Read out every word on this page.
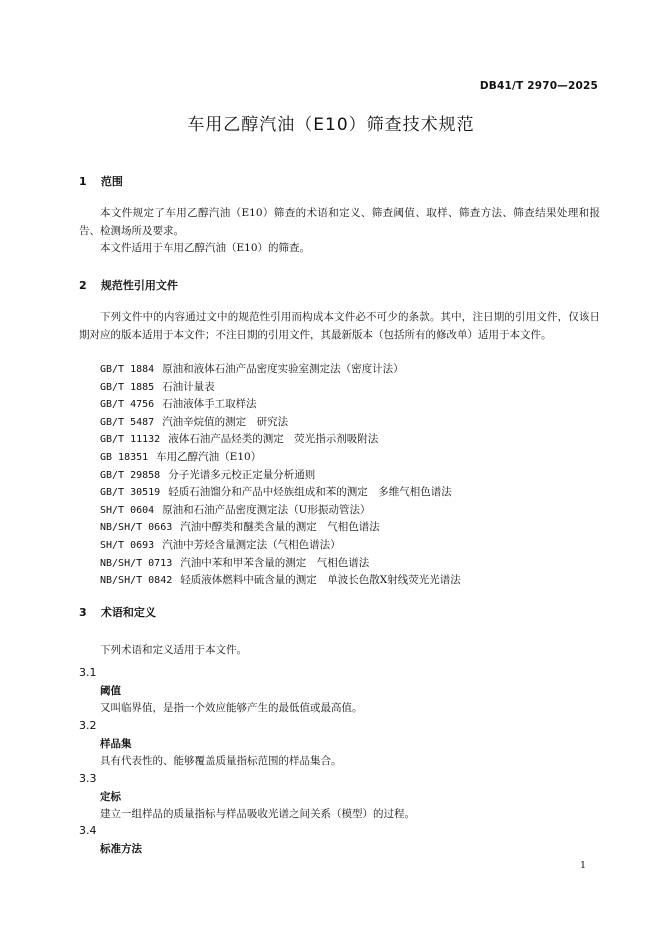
DB41/T 2970—2025
车用乙醇汽油（E10）筛查技术规范
1 范围
本文件规定了车用乙醇汽油（E10）筛查的术语和定义、筛查阈值、取样、筛查方法、筛查结果处理和报告、检测场所及要求。
本文件适用于车用乙醇汽油（E10）的筛查。
2 规范性引用文件
下列文件中的内容通过文中的规范性引用而构成本文件必不可少的条款。其中，注日期的引用文件，仅该日期对应的版本适用于本文件；不注日期的引用文件，其最新版本（包括所有的修改单）适用于本文件。
GB/T 1884 原油和液体石油产品密度实验室测定法（密度计法）
GB/T 1885 石油计量表
GB/T 4756 石油液体手工取样法
GB/T 5487 汽油辛烷值的测定　研究法
GB/T 11132 液体石油产品烃类的测定　荧光指示剂吸附法
GB 18351 车用乙醇汽油（E10）
GB/T 29858 分子光谱多元校正定量分析通则
GB/T 30519 轻质石油馏分和产品中烃族组成和苯的测定　多维气相色谱法
SH/T 0604 原油和石油产品密度测定法（U形振动管法）
NB/SH/T 0663 汽油中醇类和醚类含量的测定　气相色谱法
SH/T 0693 汽油中芳烃含量测定法（气相色谱法）
NB/SH/T 0713 汽油中苯和甲苯含量的测定　气相色谱法
NB/SH/T 0842 轻质液体燃料中硫含量的测定　单波长色散X射线荧光光谱法
3 术语和定义
下列术语和定义适用于本文件。
3.1
阈值
又叫临界值，是指一个效应能够产生的最低值或最高值。
3.2
样品集
具有代表性的、能够覆盖质量指标范围的样品集合。
3.3
定标
建立一组样品的质量指标与样品吸收光谱之间关系（模型）的过程。
3.4
标准方法
1
